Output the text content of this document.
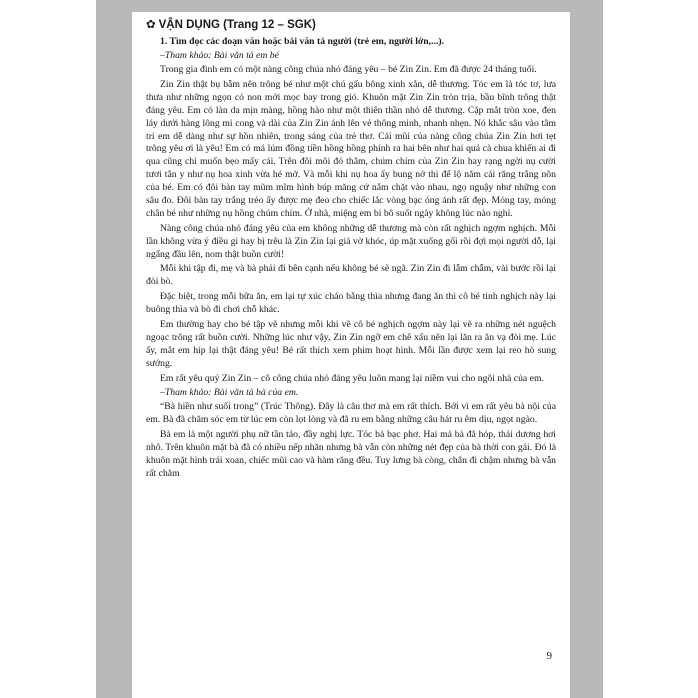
✿ VẬN DỤNG (Trang 12 – SGK)
1. Tìm đọc các đoạn văn hoặc bài văn tả người (trẻ em, người lớn,...).
–Tham khảo: Bài văn tả em bé
Trong gia đình em có một nàng công chúa nhỏ đáng yêu – bé Zin Zin. Em đã được 24 tháng tuổi.
Zin Zin thật bụ bẫm nên trông bé như một chú gấu bông xinh xắn, dễ thương. Tóc em là tóc tơ, lưa thưa như những ngọn cỏ non mới mọc bay trong gió. Khuôn mặt Zin Zin tròn trịa, bầu bĩnh trông thật đáng yêu. Em có làn da mịn màng, hồng hào như một thiên thần nhỏ dễ thương. Cặp mắt tròn xoe, đen láy dưới hàng lông mi cong và dài của Zin Zin ánh lên vẻ thông minh, nhanh nhẹn. Nó khắc sâu vào tâm trí em dễ dàng như sự hồn nhiên, trong sáng của trẻ thơ. Cái mũi của nàng công chúa Zin Zin hơi tẹt trông yêu ơi là yêu! Em có má lúm đồng tiền hồng hồng phính ra hai bên như hai quả cà chua khiến ai đi qua cũng chỉ muốn bẹo mấy cái. Trên đôi môi đỏ thắm, chúm chím của Zin Zin hay rạng ngời nụ cười tươi tắn y như nụ hoa xinh vừa hé mở. Và mỗi khi nụ hoa ấy bung nở thì để lộ năm cái răng trắng nõn của bé. Em có đôi bàn tay mũm mĩm hình búp măng cứ nắm chặt vào nhau, ngọ nguậy như những con sâu đo. Đôi bàn tay trắng trẻo ấy được mẹ đeo cho chiếc lắc vòng bạc óng ánh rất đẹp. Móng tay, móng chân bé như những nụ hồng chúm chím. Ở nhà, miệng em bi bô suốt ngày không lúc nào nghỉ.
Nàng công chúa nhỏ đáng yêu của em không những dễ thương mà còn rất nghịch ngợm nghịch. Mỗi lần không vừa ý điều gì hay bị trêu là Zin Zin lại giả vờ khóc, úp mặt xuống gối rồi đợi mọi người dỗ, lại ngẩng đầu lên, nom thật buồn cười!
Mỗi khi tập đi, mẹ và bà phải đi bên cạnh nếu không bé sẽ ngã. Zin Zin đi lẫm chẫm, vài bước rồi lại đòi bò.
Đặc biệt, trong mỗi bữa ăn, em lại tự xúc cháo bằng thìa nhưng đang ăn thì cô bé tinh nghịch này lại buông thìa và bò đi chơi chỗ khác.
Em thường hay cho bé tập vẽ nhưng mỗi khi vẽ cô bé nghịch ngợm này lại vẽ ra những nét nguệch ngoạc trông rất buồn cười. Những lúc như vậy, Zin Zin ngỡ em chê xấu nên lại lăn ra ăn vạ đòi mẹ. Lúc ấy, mắt em híp lại thật đáng yêu! Bé rất thích xem phim hoạt hình. Mỗi lần được xem lại reo hò sung sướng.
Em rất yêu quý Zin Zin – cô công chúa nhỏ đáng yêu luôn mang lại niềm vui cho ngôi nhà của em.
–Tham khảo: Bài văn tả bà của em.
“Bà hiền như suối trong” (Trúc Thông). Đây là câu thơ mà em rất thích. Bởi vì em rất yêu bà nội của em. Bà đã chăm sóc em từ lúc em còn lọt lòng và đã ru em bằng những câu hát ru êm dịu, ngọt ngào.
Bà em là một người phụ nữ tần tảo, đầy nghị lực. Tóc bà bạc phơ. Hai má bà đã hóp, thái dương hơi nhô. Trên khuôn mặt bà đã có nhiều nếp nhăn nhưng bà vẫn còn những nét đẹp của bà thời con gái. Đó là khuôn mặt hình trái xoan, chiếc mũi cao và hàm răng đều. Tuy lưng bà còng, chân đi chậm nhưng bà vẫn rất chăm
9
